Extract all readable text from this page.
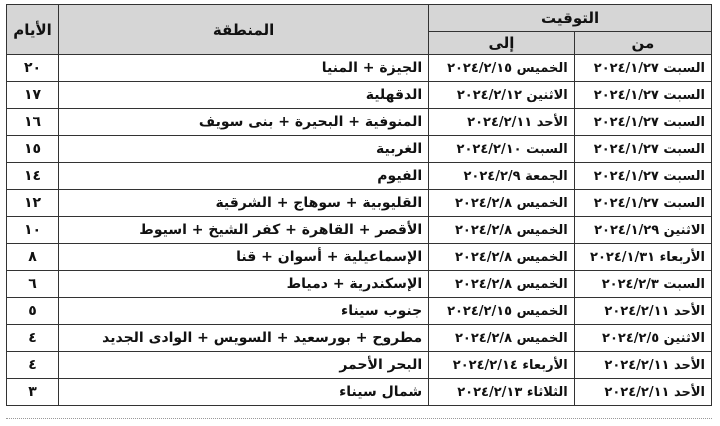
التوقيت		المنطقة	الأيام
من	إلى		
السبت ٢٠٢٤/١/٢٧	الخميس ٢٠٢٤/٢/١٥	الجيزة + المنيا	٢٠
السبت ٢٠٢٤/١/٢٧	الاثنين ٢٠٢٤/٢/١٢	الدقهلية	١٧
السبت ٢٠٢٤/١/٢٧	الأحد ٢٠٢٤/٢/١١	المنوفية + البحيرة + بنى سويف	١٦
السبت ٢٠٢٤/١/٢٧	السبت ٢٠٢٤/٢/١٠	الغربية	١٥
السبت ٢٠٢٤/١/٢٧	الجمعة ٢٠٢٤/٢/٩	الفيوم	١٤
السبت ٢٠٢٤/١/٢٧	الخميس ٢٠٢٤/٢/٨	القليوبية + سوهاج + الشرقية	١٢
الاثنين ٢٠٢٤/١/٢٩	الخميس ٢٠٢٤/٢/٨	الأقصر + القاهرة + كفر الشيخ + اسيوط	١٠
الأربعاء ٢٠٢٤/١/٣١	الخميس ٢٠٢٤/٢/٨	الإسماعيلية + أسوان + قنا	٨
السبت ٢٠٢٤/٢/٣	الخميس ٢٠٢٤/٢/٨	الإسكندرية + دمياط	٦
الأحد ٢٠٢٤/٢/١١	الخميس ٢٠٢٤/٢/١٥	جنوب سيناء	٥
الاثنين ٢٠٢٤/٢/٥	الخميس ٢٠٢٤/٢/٨	مطروح + بورسعيد + السويس + الوادى الجديد	٤
الأحد ٢٠٢٤/٢/١١	الأربعاء ٢٠٢٤/٢/١٤	البحر الأحمر	٤
الأحد ٢٠٢٤/٢/١١	الثلاثاء ٢٠٢٤/٢/١٣	شمال سيناء	٣
